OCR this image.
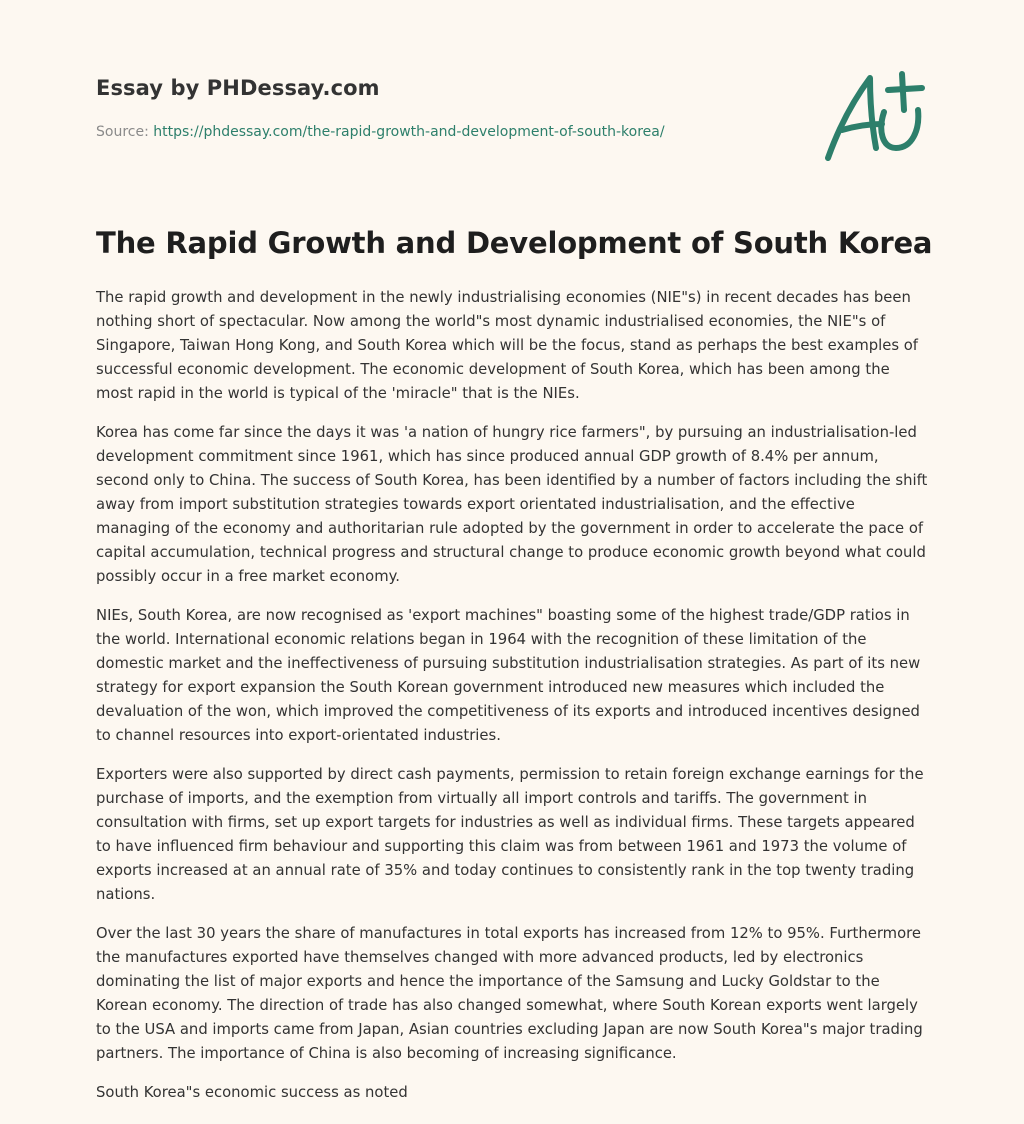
Essay by PHDessay.com
Source: https://phdessay.com/the-rapid-growth-and-development-of-south-korea/
The Rapid Growth and Development of South Korea

The rapid growth and development in the newly industrialising economies (NIE"s) in recent decades has been nothing short of spectacular. Now among the world"s most dynamic industrialised economies, the NIE"s of Singapore, Taiwan Hong Kong, and South Korea which will be the focus, stand as perhaps the best examples of successful economic development. The economic development of South Korea, which has been among the most rapid in the world is typical of the 'miracle" that is the NIEs.

Korea has come far since the days it was 'a nation of hungry rice farmers", by pursuing an industrialisation-led development commitment since 1961, which has since produced annual GDP growth of 8.4% per annum, second only to China. The success of South Korea, has been identified by a number of factors including the shift away from import substitution strategies towards export orientated industrialisation, and the effective managing of the economy and authoritarian rule adopted by the government in order to accelerate the pace of capital accumulation, technical progress and structural change to produce economic growth beyond what could possibly occur in a free market economy.

NIEs, South Korea, are now recognised as 'export machines" boasting some of the highest trade/GDP ratios in the world. International economic relations began in 1964 with the recognition of these limitation of the domestic market and the ineffectiveness of pursuing substitution industrialisation strategies. As part of its new strategy for export expansion the South Korean government introduced new measures which included the devaluation of the won, which improved the competitiveness of its exports and introduced incentives designed to channel resources into export-orientated industries.

Exporters were also supported by direct cash payments, permission to retain foreign exchange earnings for the purchase of imports, and the exemption from virtually all import controls and tariffs. The government in consultation with firms, set up export targets for industries as well as individual firms. These targets appeared to have influenced firm behaviour and supporting this claim was from between 1961 and 1973 the volume of exports increased at an annual rate of 35% and today continues to consistently rank in the top twenty trading nations.

Over the last 30 years the share of manufactures in total exports has increased from 12% to 95%. Furthermore the manufactures exported have themselves changed with more advanced products, led by electronics dominating the list of major exports and hence the importance of the Samsung and Lucky Goldstar to the Korean economy. The direction of trade has also changed somewhat, where South Korean exports went largely to the USA and imports came from Japan, Asian countries excluding Japan are now South Korea"s major trading partners. The importance of China is also becoming of increasing significance.

South Korea"s economic success as noted
